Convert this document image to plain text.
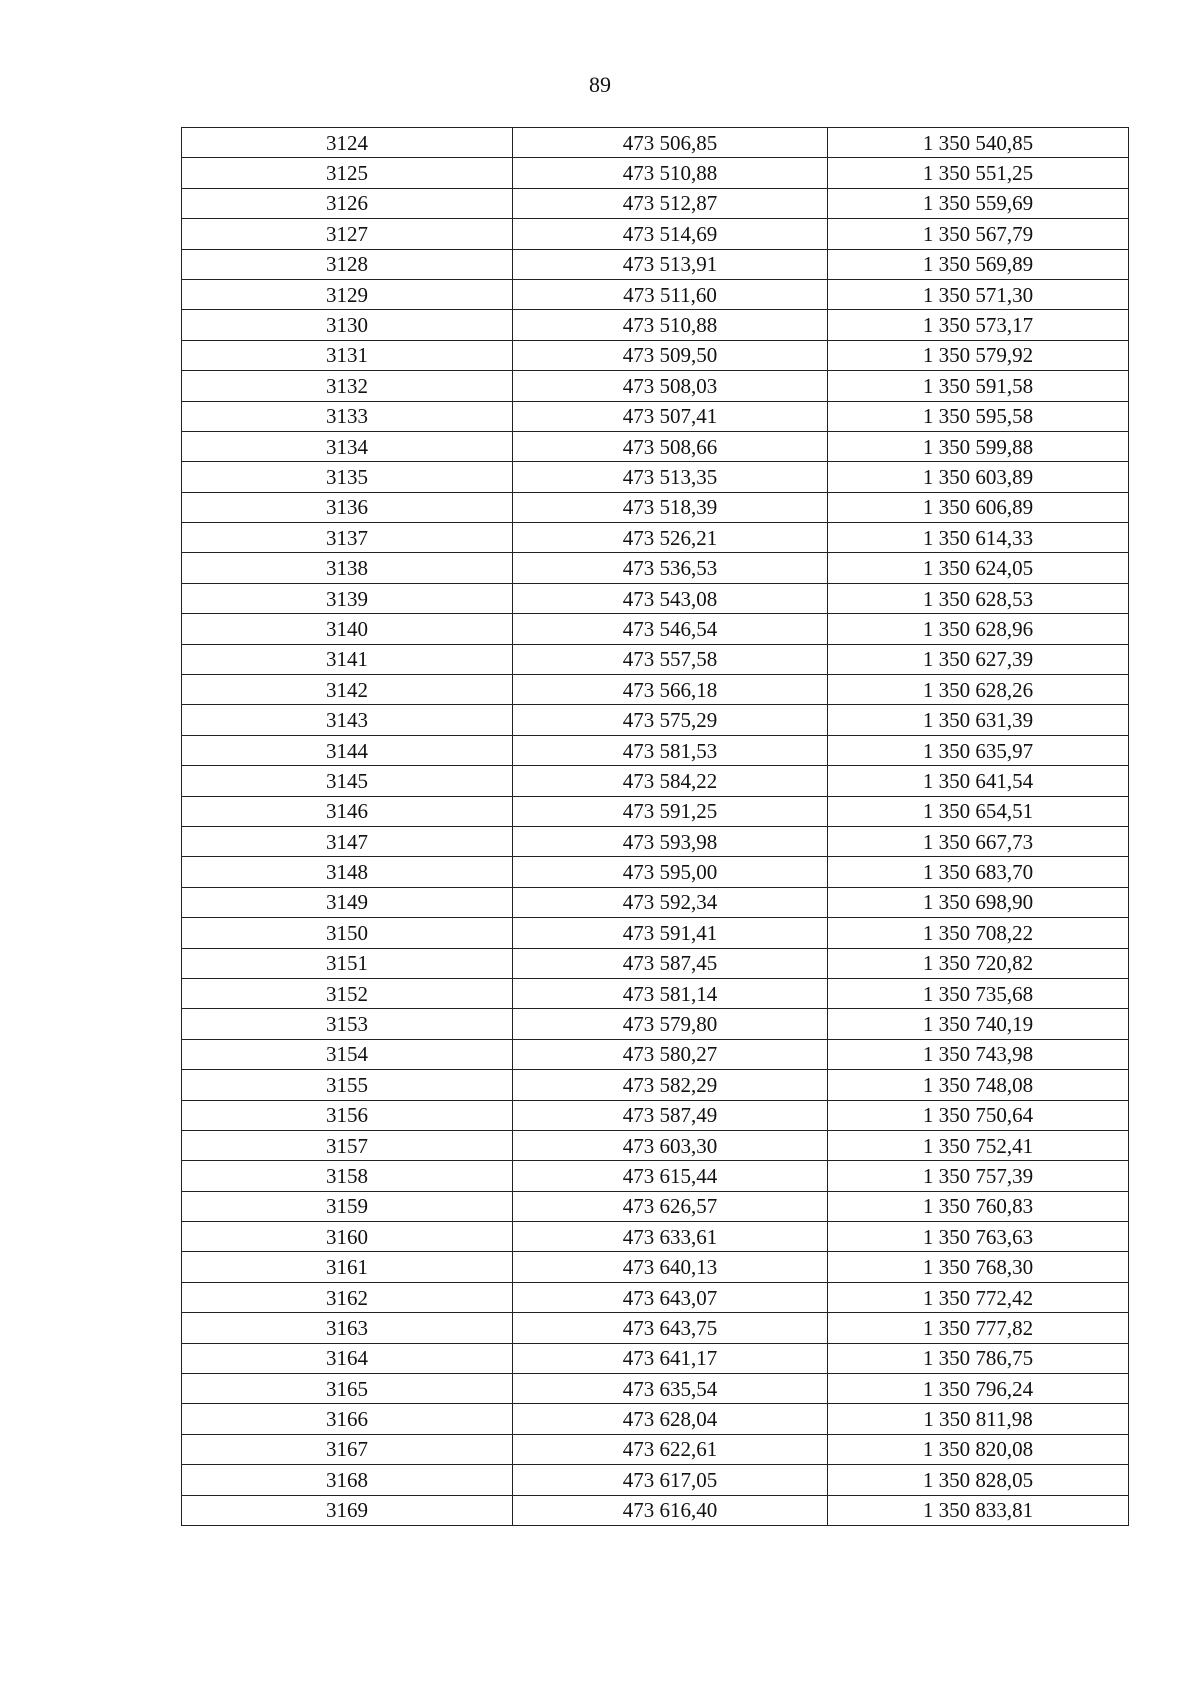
89
3124	473 506,85	1 350 540,85
3125	473 510,88	1 350 551,25
3126	473 512,87	1 350 559,69
3127	473 514,69	1 350 567,79
3128	473 513,91	1 350 569,89
3129	473 511,60	1 350 571,30
3130	473 510,88	1 350 573,17
3131	473 509,50	1 350 579,92
3132	473 508,03	1 350 591,58
3133	473 507,41	1 350 595,58
3134	473 508,66	1 350 599,88
3135	473 513,35	1 350 603,89
3136	473 518,39	1 350 606,89
3137	473 526,21	1 350 614,33
3138	473 536,53	1 350 624,05
3139	473 543,08	1 350 628,53
3140	473 546,54	1 350 628,96
3141	473 557,58	1 350 627,39
3142	473 566,18	1 350 628,26
3143	473 575,29	1 350 631,39
3144	473 581,53	1 350 635,97
3145	473 584,22	1 350 641,54
3146	473 591,25	1 350 654,51
3147	473 593,98	1 350 667,73
3148	473 595,00	1 350 683,70
3149	473 592,34	1 350 698,90
3150	473 591,41	1 350 708,22
3151	473 587,45	1 350 720,82
3152	473 581,14	1 350 735,68
3153	473 579,80	1 350 740,19
3154	473 580,27	1 350 743,98
3155	473 582,29	1 350 748,08
3156	473 587,49	1 350 750,64
3157	473 603,30	1 350 752,41
3158	473 615,44	1 350 757,39
3159	473 626,57	1 350 760,83
3160	473 633,61	1 350 763,63
3161	473 640,13	1 350 768,30
3162	473 643,07	1 350 772,42
3163	473 643,75	1 350 777,82
3164	473 641,17	1 350 786,75
3165	473 635,54	1 350 796,24
3166	473 628,04	1 350 811,98
3167	473 622,61	1 350 820,08
3168	473 617,05	1 350 828,05
3169	473 616,40	1 350 833,81
